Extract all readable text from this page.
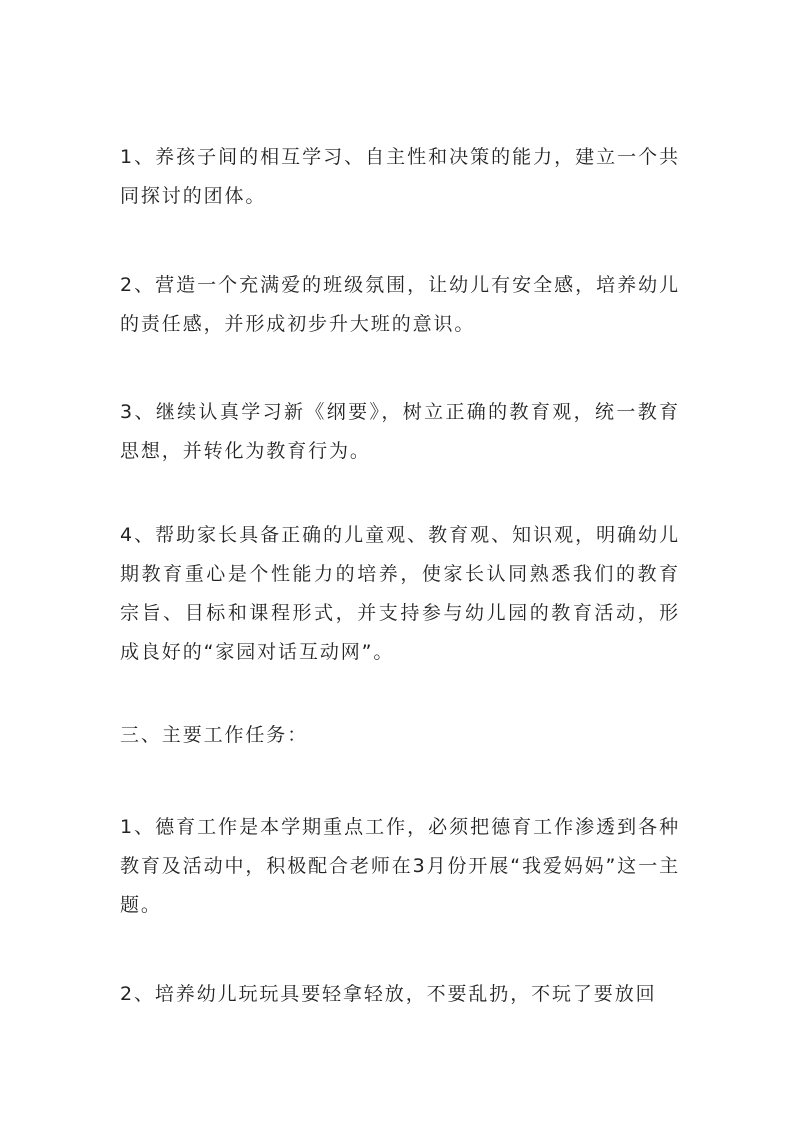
1、养孩子间的相互学习、自主性和决策的能力，建立一个共同探讨的团体。

2、营造一个充满爱的班级氛围，让幼儿有安全感，培养幼儿的责任感，并形成初步升大班的意识。

3、继续认真学习新《纲要》，树立正确的教育观，统一教育思想，并转化为教育行为。

4、帮助家长具备正确的儿童观、教育观、知识观，明确幼儿期教育重心是个性能力的培养，使家长认同熟悉我们的教育宗旨、目标和课程形式，并支持参与幼儿园的教育活动，形成良好的“家园对话互动网”。

三、主要工作任务：

1、德育工作是本学期重点工作，必须把德育工作渗透到各种教育及活动中，积极配合老师在3月份开展“我爱妈妈”这一主题。

2、培养幼儿玩玩具要轻拿轻放，不要乱扔，不玩了要放回
